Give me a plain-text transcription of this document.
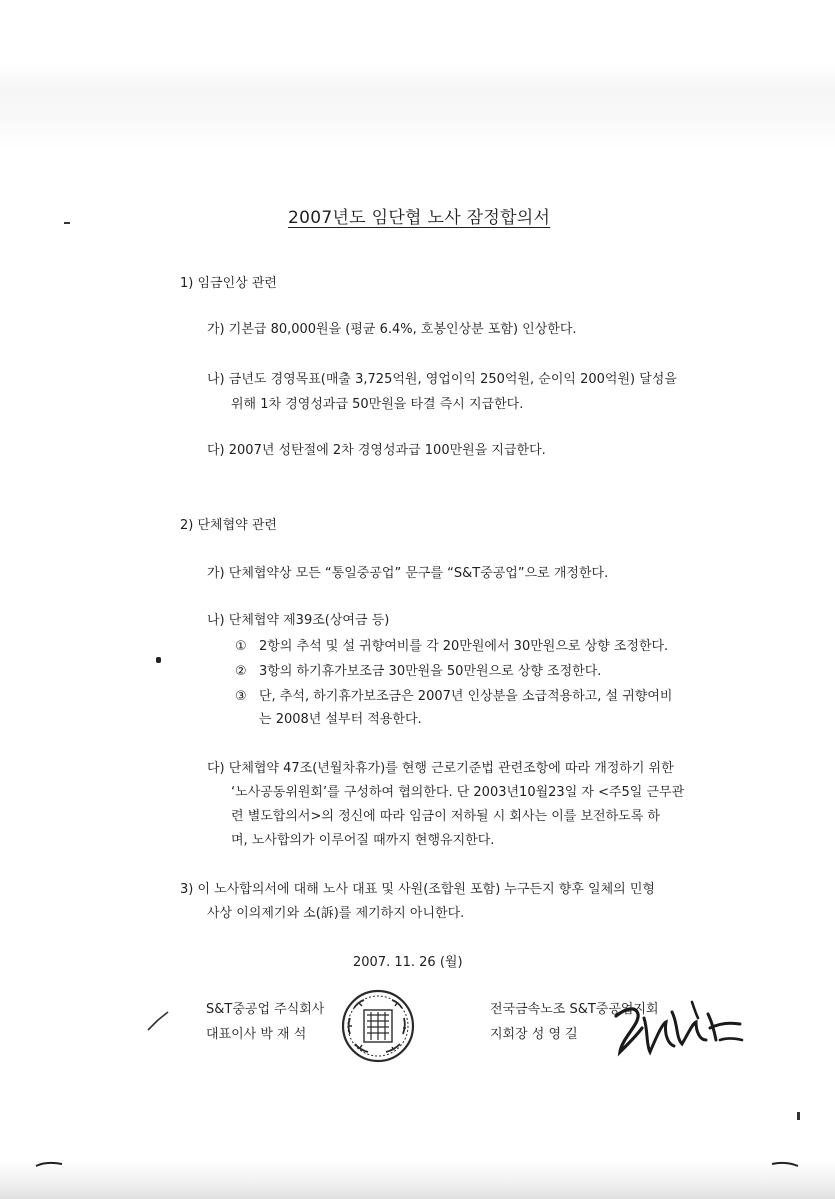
2007년도 임단협 노사 잠정합의서
1) 임금인상 관련
가) 기본급 80,000원을 (평균 6.4%, 호봉인상분 포함) 인상한다.
나) 금년도 경영목표(매출 3,725억원, 영업이익 250억원, 순이익 200억원) 달성을
위해 1차 경영성과급 50만원을 타결 즉시 지급한다.
다) 2007년 성탄절에 2차 경영성과급 100만원을 지급한다.
2) 단체협약 관련
가) 단체협약상 모든 “통일중공업” 문구를 “S&T중공업”으로 개정한다.
나) 단체협약 제39조(상여금 등)
① 2항의 추석 및 설 귀향여비를 각 20만원에서 30만원으로 상향 조정한다.
② 3항의 하기휴가보조금 30만원을 50만원으로 상향 조정한다.
③ 단, 추석, 하기휴가보조금은 2007년 인상분을 소급적용하고, 설 귀향여비
는 2008년 설부터 적용한다.
다) 단체협약 47조(년월차휴가)를 현행 근로기준법 관련조항에 따라 개정하기 위한
‘노사공동위원회’를 구성하여 협의한다. 단 2003년10월23일 자 <주5일 근무관
련 별도합의서>의 정신에 따라 임금이 저하될 시 회사는 이를 보전하도록 하
며, 노사합의가 이루어질 때까지 현행유지한다.
3) 이 노사합의서에 대해 노사 대표 및 사원(조합원 포함) 누구든지 향후 일체의 민형
사상 이의제기와 소(訴)를 제기하지 아니한다.
2007. 11. 26 (월)
S&T중공업 주식회사
대표이사 박 재 석
전국금속노조 S&T중공업지회
지회장 성 영 길
